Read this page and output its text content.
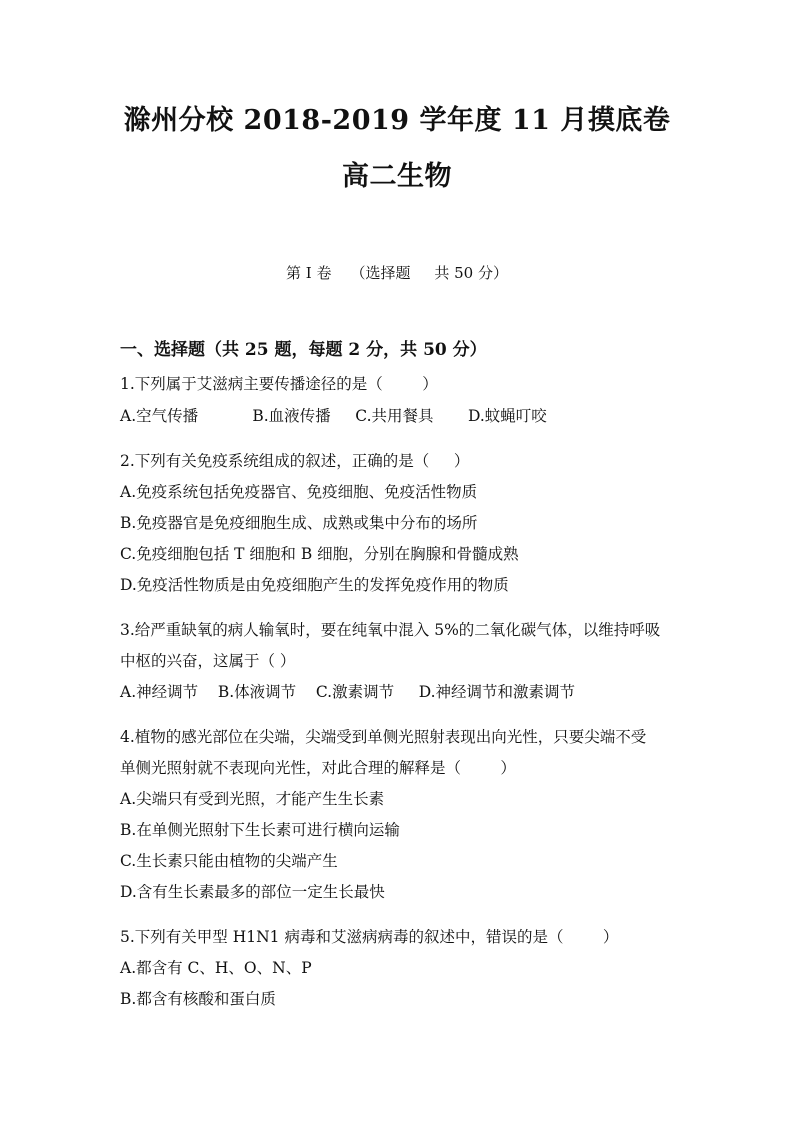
滁州分校 2018-2019 学年度 11 月摸底卷
高二生物
第 I 卷    （选择题     共 50 分）
一、选择题（共 25 题，每题 2 分，共 50 分）
1.下列属于艾滋病主要传播途径的是（        ）
A.空气传播           B.血液传播     C.共用餐具       D.蚊蝇叮咬
2.下列有关免疫系统组成的叙述，正确的是（     ）
A.免疫系统包括免疫器官、免疫细胞、免疫活性物质
B.免疫器官是免疫细胞生成、成熟或集中分布的场所
C.免疫细胞包括 T 细胞和 B 细胞，分别在胸腺和骨髓成熟
D.免疫活性物质是由免疫细胞产生的发挥免疫作用的物质
3.给严重缺氧的病人输氧时，要在纯氧中混入 5%的二氧化碳气体，以维持呼吸
中枢的兴奋，这属于（ ）
A.神经调节    B.体液调节    C.激素调节     D.神经调节和激素调节
4.植物的感光部位在尖端，尖端受到单侧光照射表现出向光性，只要尖端不受
单侧光照射就不表现向光性，对此合理的解释是（        ）
A.尖端只有受到光照，才能产生生长素
B.在单侧光照射下生长素可进行横向运输
C.生长素只能由植物的尖端产生
D.含有生长素最多的部位一定生长最快
5.下列有关甲型 H1N1 病毒和艾滋病病毒的叙述中，错误的是（        ）
A.都含有 C、H、O、N、P
B.都含有核酸和蛋白质
